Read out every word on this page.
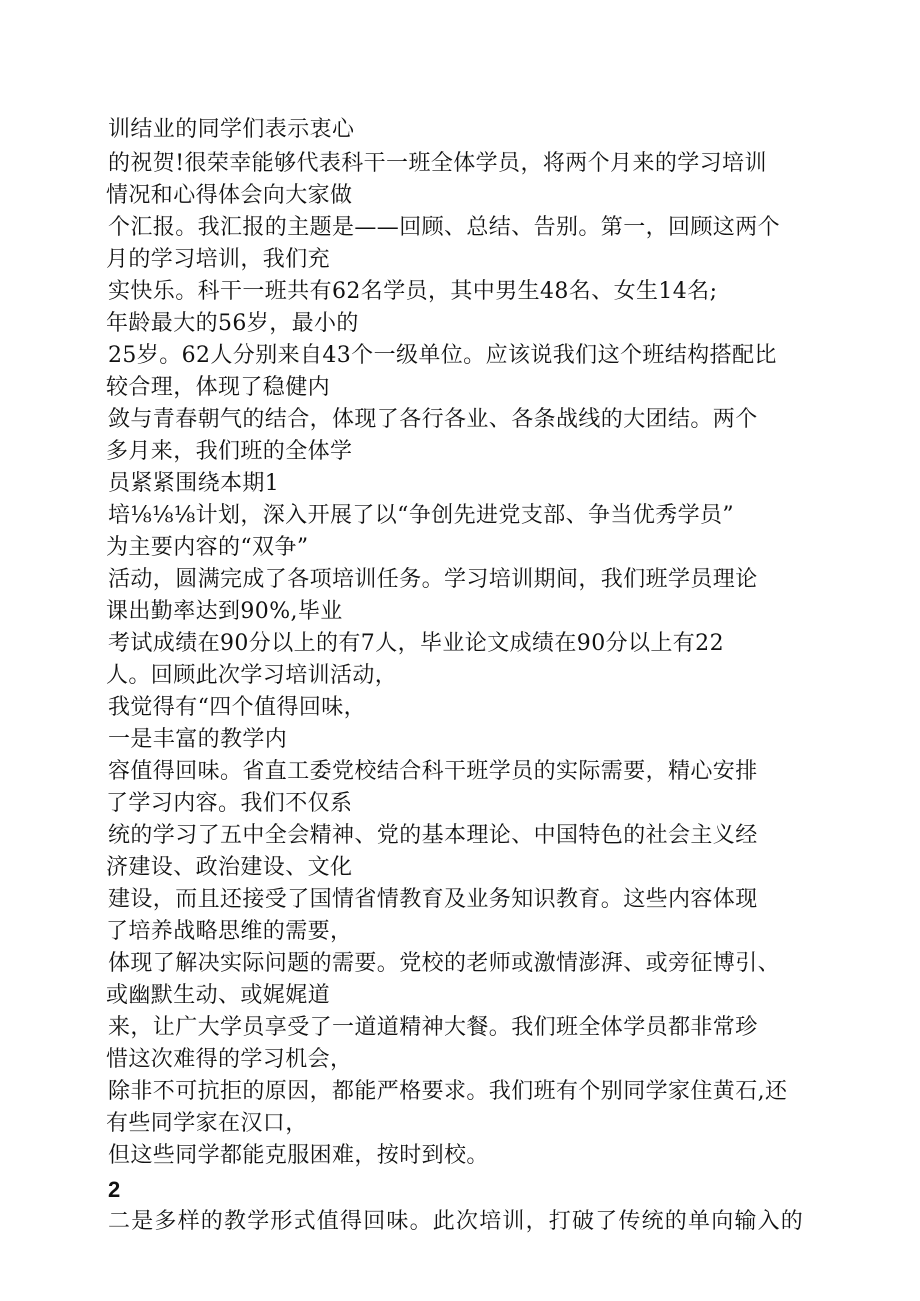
训结业的同学们表示衷心
的祝贺!很荣幸能够代表科干一班全体学员，将两个月来的学习培训
情况和心得体会向大家做
个汇报。我汇报的主题是——回顾、总结、告别。第一，回顾这两个
月的学习培训，我们充
实快乐。科干一班共有62名学员，其中男生48名、女生14名;
年龄最大的56岁，最小的
25岁。62人分别来自43个一级单位。应该说我们这个班结构搭配比
较合理，体现了稳健内
敛与青春朝气的结合，体现了各行各业、各条战线的大团结。两个
多月来，我们班的全体学
员紧紧围绕本期1
培⅛⅛⅛计划，深入开展了以“争创先进党支部、争当优秀学员”
为主要内容的“双争”
活动，圆满完成了各项培训任务。学习培训期间，我们班学员理论
课出勤率达到90%,毕业
考试成绩在90分以上的有7人，毕业论文成绩在90分以上有22
人。回顾此次学习培训活动，
我觉得有“四个值得回味，
一是丰富的教学内
容值得回味。省直工委党校结合科干班学员的实际需要，精心安排
了学习内容。我们不仅系
统的学习了五中全会精神、党的基本理论、中国特色的社会主义经
济建设、政治建设、文化
建设，而且还接受了国情省情教育及业务知识教育。这些内容体现
了培养战略思维的需要，
体现了解决实际问题的需要。党校的老师或激情澎湃、或旁征博引、
或幽默生动、或娓娓道
来，让广大学员享受了一道道精神大餐。我们班全体学员都非常珍
惜这次难得的学习机会，
除非不可抗拒的原因，都能严格要求。我们班有个别同学家住黄石,还
有些同学家在汉口，
但这些同学都能克服困难，按时到校。
2
二是多样的教学形式值得回味。此次培训，打破了传统的单向输入的
